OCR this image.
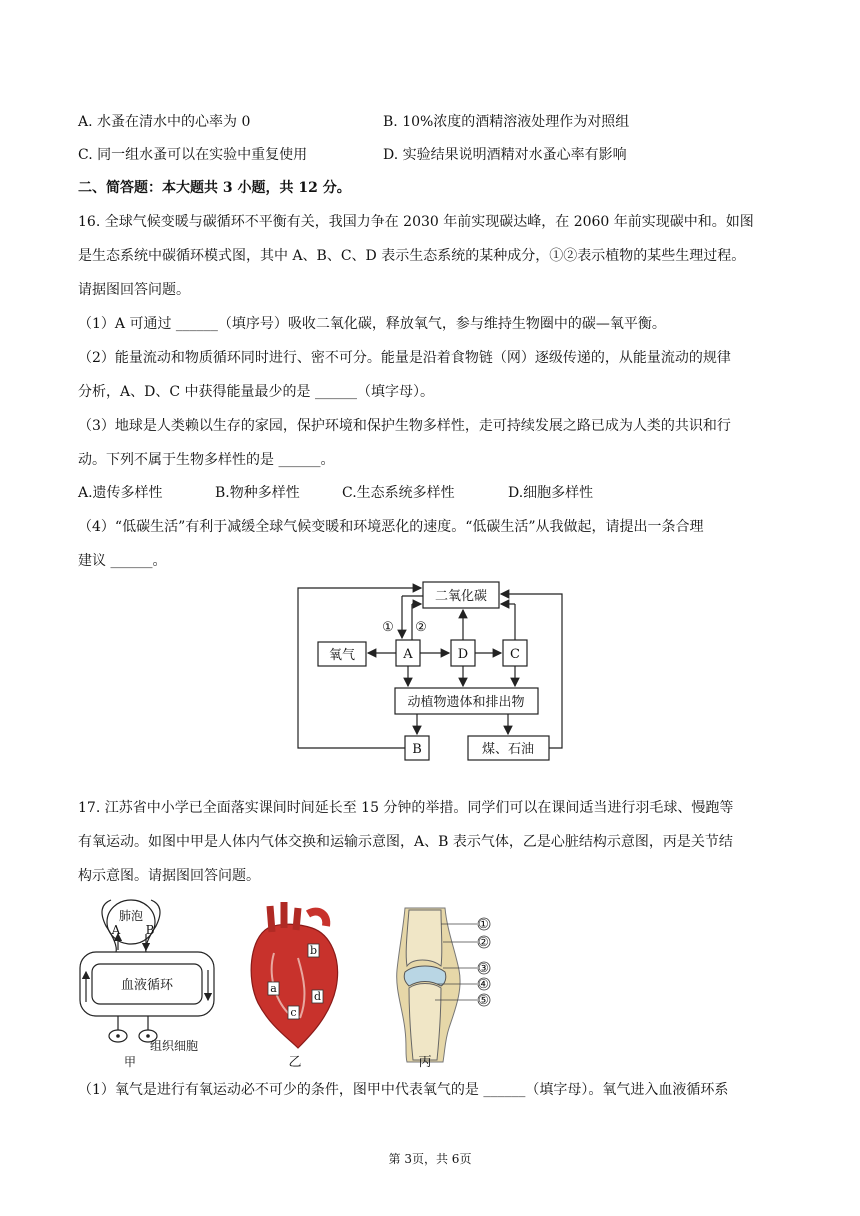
A. 水蚤在清水中的心率为 0	B. 10%浓度的酒精溶液处理作为对照组
C. 同一组水蚤可以在实验中重复使用	D. 实验结果说明酒精对水蚤心率有影响
二、简答题：本大题共 3 小题，共 12 分。
16. 全球气候变暖与碳循环不平衡有关，我国力争在 2030 年前实现碳达峰，在 2060 年前实现碳中和。如图
是生态系统中碳循环模式图，其中 A、B、C、D 表示生态系统的某种成分，①②表示植物的某些生理过程。
请据图回答问题。
（1）A 可通过 ______（填序号）吸收二氧化碳，释放氧气，参与维持生物圈中的碳—氧平衡。
（2）能量流动和物质循环同时进行、密不可分。能量是沿着食物链（网）逐级传递的，从能量流动的规律
分析，A、D、C 中获得能量最少的是 ______（填字母）。
（3）地球是人类赖以生存的家园，保护环境和保护生物多样性，走可持续发展之路已成为人类的共识和行
动。下列不属于生物多样性的是 ______。
A.遗传多样性	B.物种多样性	C.生态系统多样性	D.细胞多样性
（4）“低碳生活”有利于减缓全球气候变暖和环境恶化的速度。“低碳生活”从我做起，请提出一条合理
建议 ______。
二氧化碳
氧气	A	D	C
动植物遗体和排出物
B	煤、石油
① ②
17. 江苏省中小学已全面落实课间时间延长至 15 分钟的举措。同学们可以在课间适当进行羽毛球、慢跑等
有氧运动。如图中甲是人体内气体交换和运输示意图，A、B 表示气体，乙是心脏结构示意图，丙是关节结
构示意图。请据图回答问题。
肺泡
A B
血液循环
组织细胞
甲
b
a
d
c
乙
①
②
③
④
⑤
丙
（1）氧气是进行有氧运动必不可少的条件，图甲中代表氧气的是 ______（填字母）。氧气进入血液循环系
第 3页，共 6页
